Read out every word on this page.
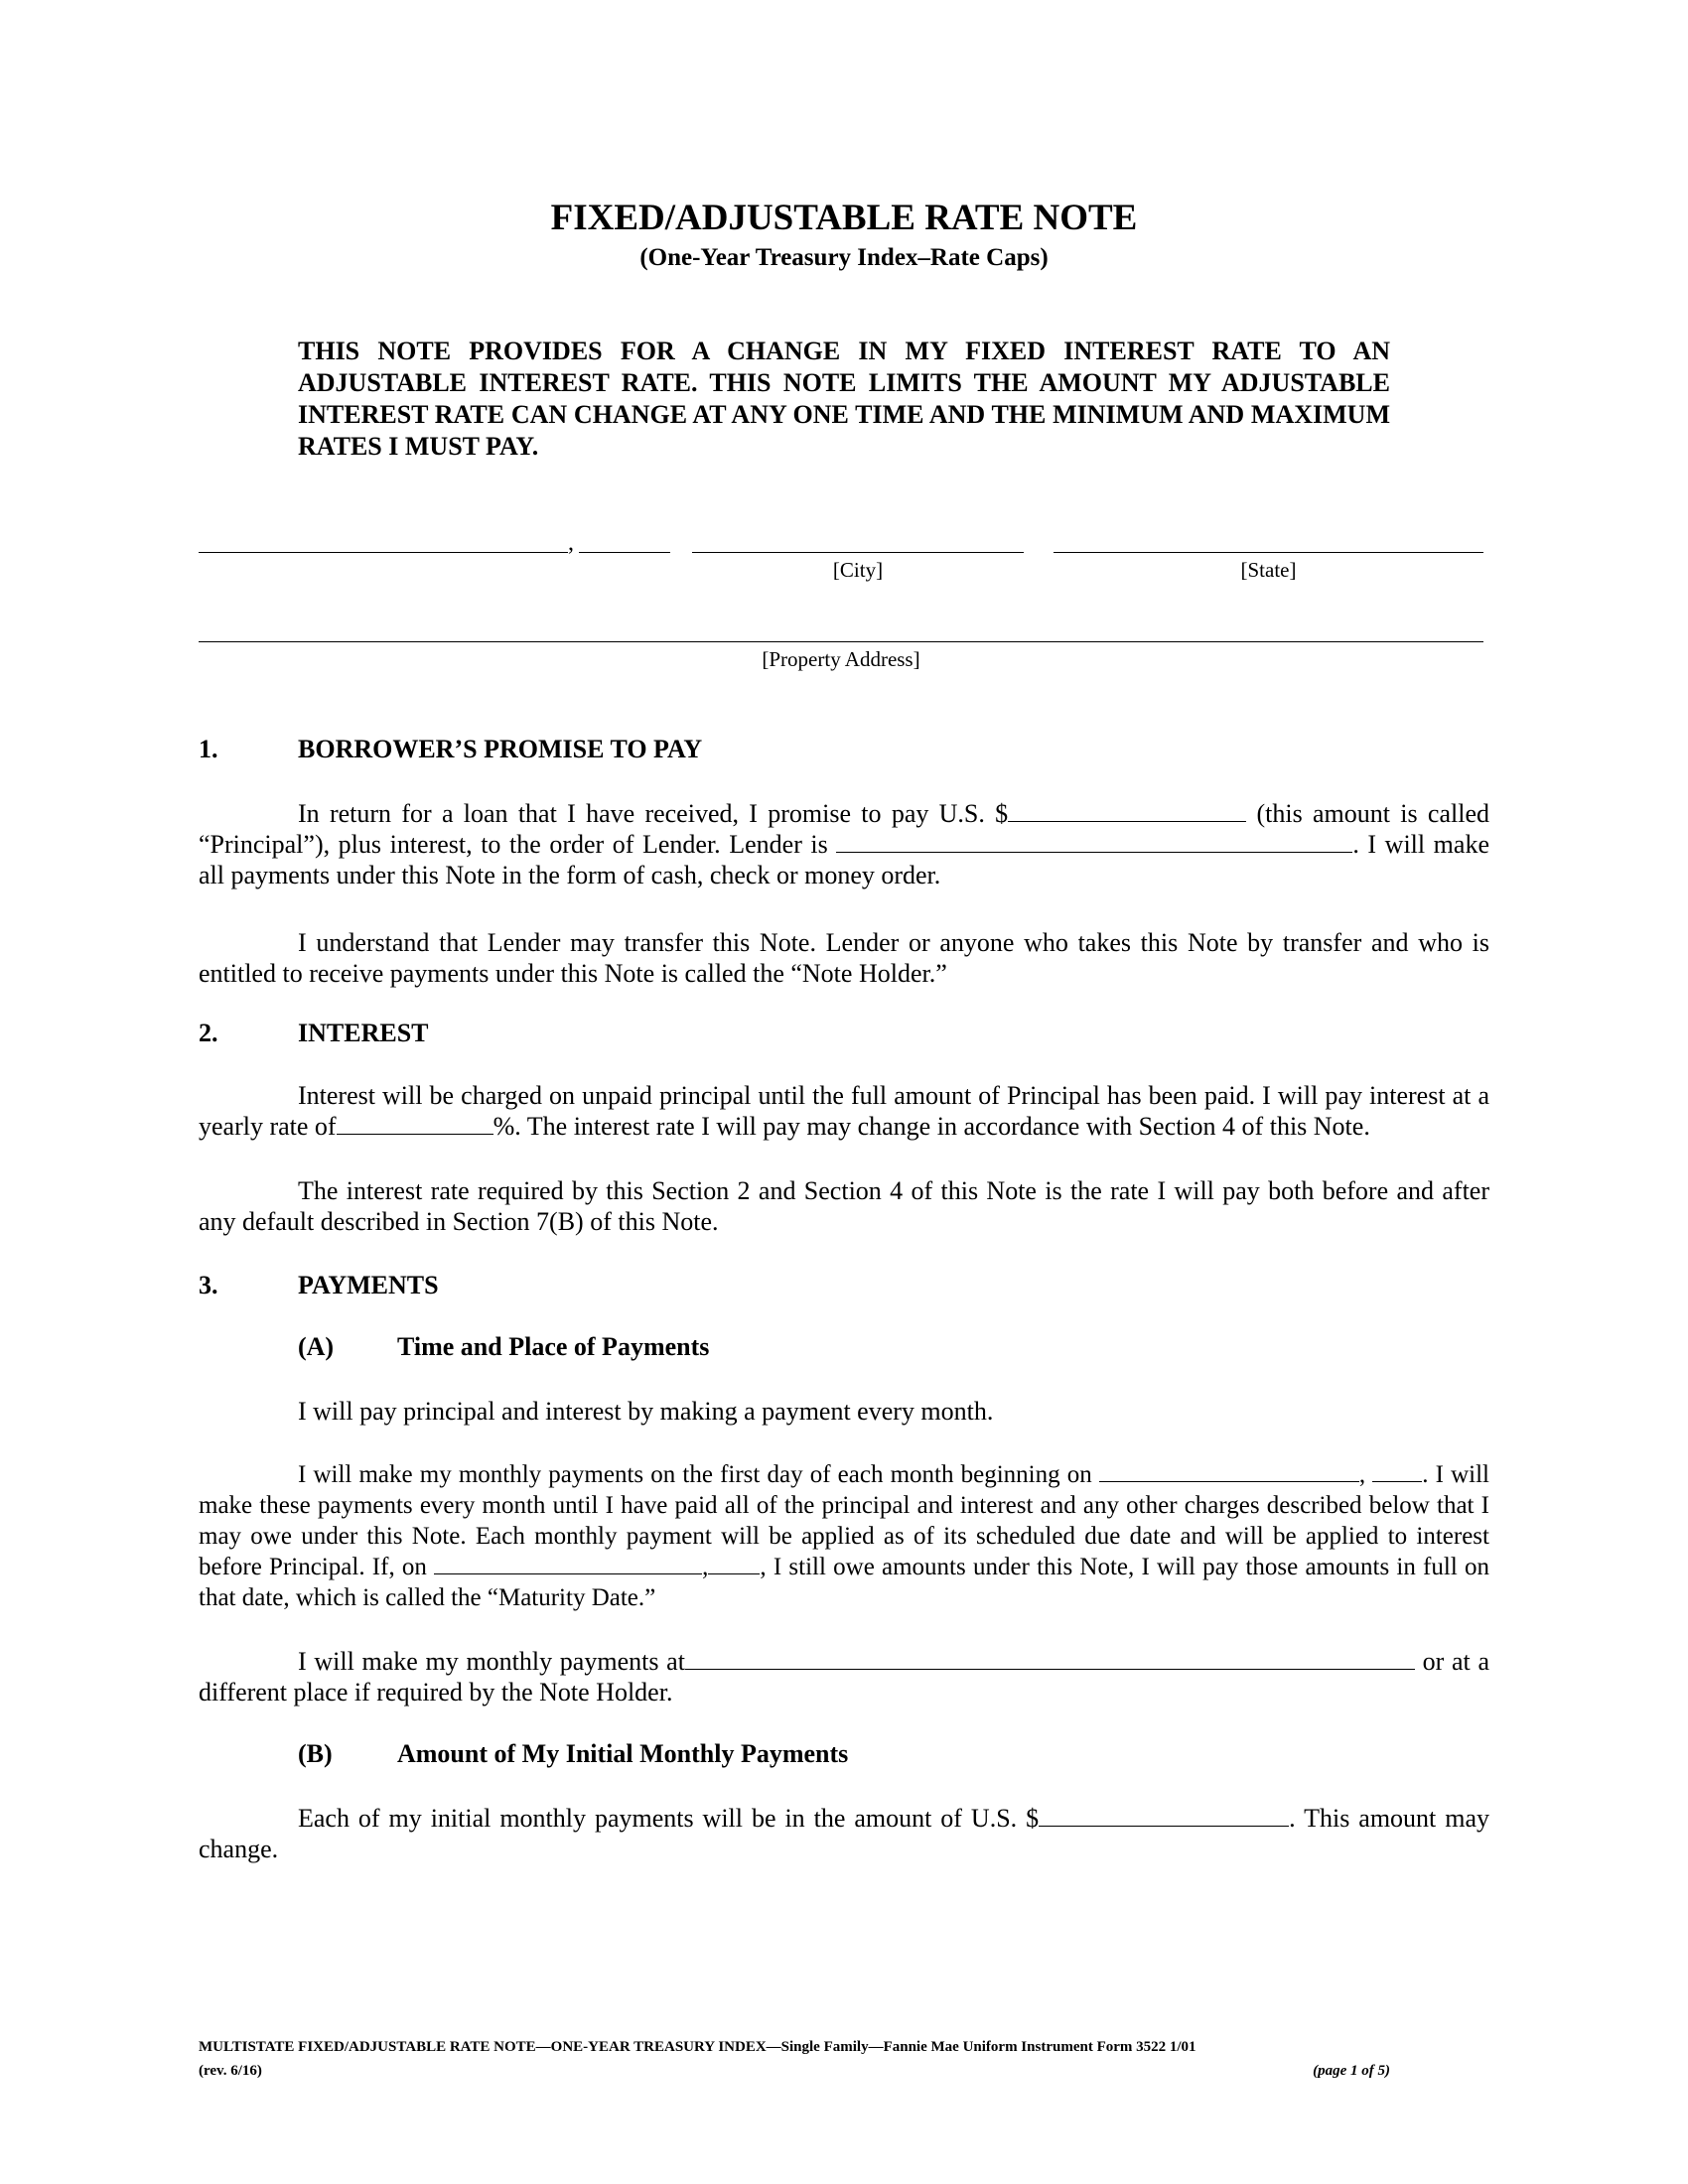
FIXED/ADJUSTABLE RATE NOTE
(One-Year Treasury Index–Rate Caps)
THIS NOTE PROVIDES FOR A CHANGE IN MY FIXED INTEREST RATE TO AN ADJUSTABLE INTEREST RATE. THIS NOTE LIMITS THE AMOUNT MY ADJUSTABLE INTEREST RATE CAN CHANGE AT ANY ONE TIME AND THE MINIMUM AND MAXIMUM RATES I MUST PAY.
,
[City]	[State]
[Property Address]
1.	BORROWER’S PROMISE TO PAY
In return for a loan that I have received, I promise to pay U.S. $	(this amount is called “Principal”), plus interest, to the order of Lender. Lender is	. I will make all payments under this Note in the form of cash, check or money order.
I understand that Lender may transfer this Note. Lender or anyone who takes this Note by transfer and who is entitled to receive payments under this Note is called the “Note Holder.”
2.	INTEREST
Interest will be charged on unpaid principal until the full amount of Principal has been paid. I will pay interest at a yearly rate of	%. The interest rate I will pay may change in accordance with Section 4 of this Note.
The interest rate required by this Section 2 and Section 4 of this Note is the rate I will pay both before and after any default described in Section 7(B) of this Note.
3.	PAYMENTS
(A) Time and Place of Payments
I will pay principal and interest by making a payment every month.
I will make my monthly payments on the first day of each month beginning on	, . I will make these payments every month until I have paid all of the principal and interest and any other charges described below that I may owe under this Note. Each monthly payment will be applied as of its scheduled due date and will be applied to interest before Principal. If, on	, , I still owe amounts under this Note, I will pay those amounts in full on that date, which is called the “Maturity Date.”
I will make my monthly payments at	or at a different place if required by the Note Holder.
(B)	Amount of My Initial Monthly Payments
Each of my initial monthly payments will be in the amount of U.S. $	. This amount may change.
MULTISTATE FIXED/ADJUSTABLE RATE NOTE—ONE-YEAR TREASURY INDEX—Single Family—Fannie Mae Uniform Instrument Form 3522 1/01
(page 1 of 5)
(rev. 6/16)
